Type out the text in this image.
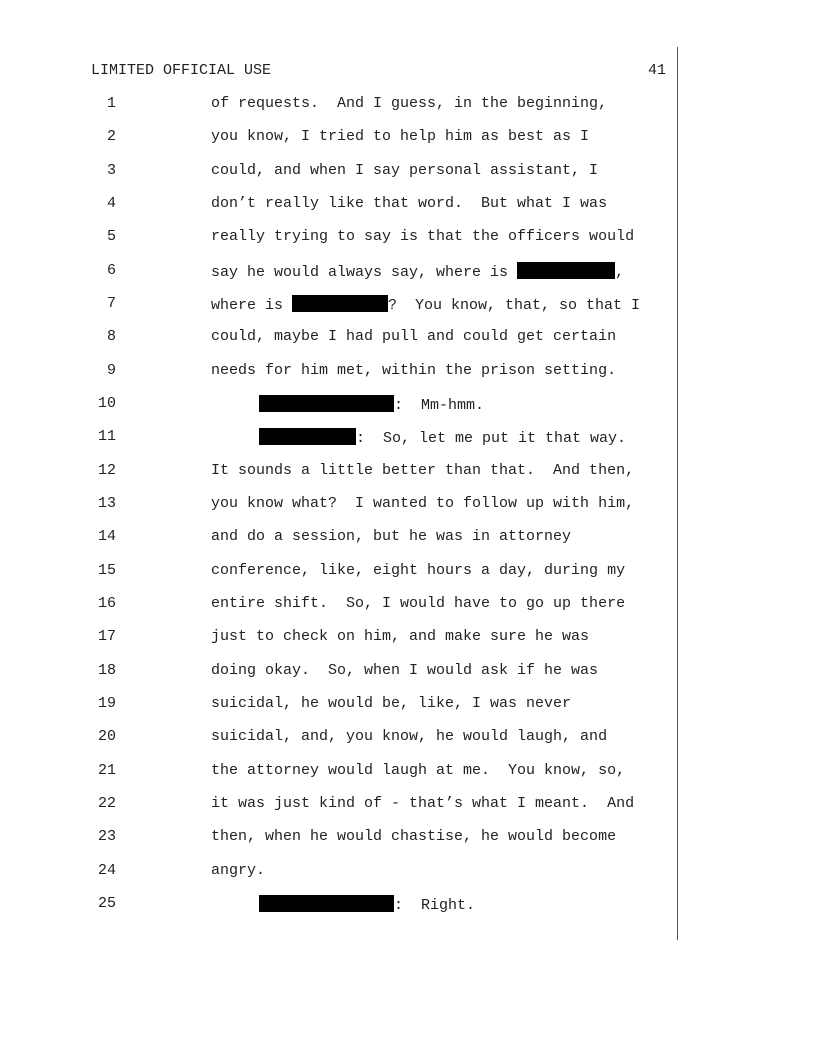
LIMITED OFFICIAL USE	41
1	of requests.  And I guess, in the beginning,
2	you know, I tried to help him as best as I
3	could, and when I say personal assistant, I
4	don’t really like that word.  But what I was
5	really trying to say is that the officers would
6	say he would always say, where is	,
7	where is	?  You know, that, so that I
8	could, maybe I had pull and could get certain
9	needs for him met, within the prison setting.
10	:  Mm-hmm.
11	:  So, let me put it that way.
12	It sounds a little better than that.  And then,
13	you know what?  I wanted to follow up with him,
14	and do a session, but he was in attorney
15	conference, like, eight hours a day, during my
16	entire shift.  So, I would have to go up there
17	just to check on him, and make sure he was
18	doing okay.  So, when I would ask if he was
19	suicidal, he would be, like, I was never
20	suicidal, and, you know, he would laugh, and
21	the attorney would laugh at me.  You know, so,
22	it was just kind of - that’s what I meant.  And
23	then, when he would chastise, he would become
24	angry.
25	:  Right.
